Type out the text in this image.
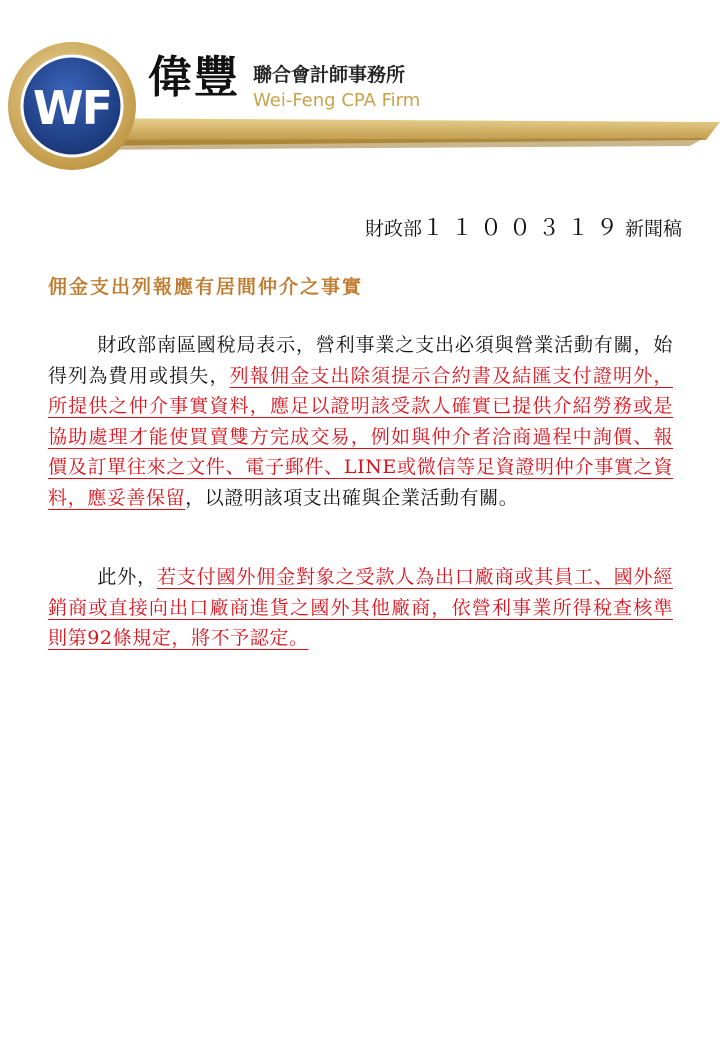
WF
偉豐 聯合會計師事務所
Wei-Feng CPA Firm
財政部１１００３１９新聞稿
佣金支出列報應有居間仲介之事實

財政部南區國稅局表示，營利事業之支出必須與營業活動有關，始得列為費用或損失，列報佣金支出除須提示合約書及結匯支付證明外，所提供之仲介事實資料，應足以證明該受款人確實已提供介紹勞務或是協助處理才能使買賣雙方完成交易，例如與仲介者洽商過程中詢價、報價及訂單往來之文件、電子郵件、LINE或微信等足資證明仲介事實之資料，應妥善保留，以證明該項支出確與企業活動有關。

此外，若支付國外佣金對象之受款人為出口廠商或其員工、國外經銷商或直接向出口廠商進貨之國外其他廠商，依營利事業所得稅查核準則第92條規定，將不予認定。
